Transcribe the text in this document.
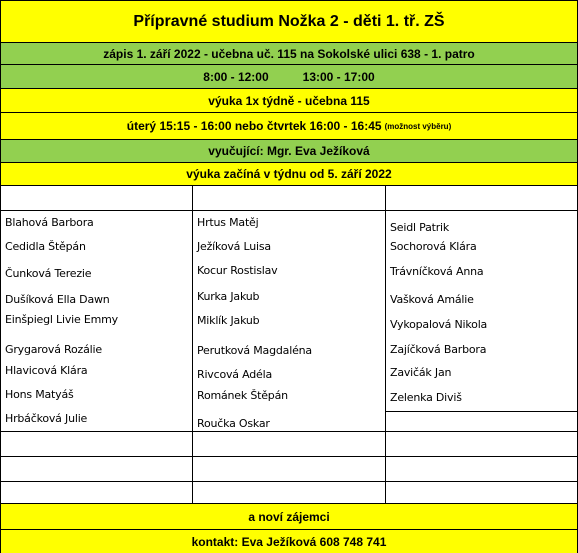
Přípravné studium Nožka 2 - děti 1. tř. ZŠ
zápis 1. září 2022 - učebna uč. 115 na Sokolské ulici 638 - 1. patro
8:00 - 12:00	13:00 - 17:00
výuka 1x týdně - učebna 115
úterý 15:15 - 16:00 nebo čtvrtek 16:00 - 16:45 (možnost výběru)
vyučující: Mgr. Eva Ježíková
výuka začíná v týdnu od 5. září 2022
Blahová Barbora
Cedidla Štěpán
Čunková Terezie
Dušíková Ella Dawn
Einšpiegl Livie Emmy
Grygarová Rozálie
Hlavicová Klára
Hons Matyáš
Hrbáčková Julie
Hrtus Matěj
Ježíková Luisa
Kocur Rostislav
Kurka Jakub
Miklík Jakub
Perutková Magdaléna
Rivcová Adéla
Románek Štěpán
Roučka Oskar
Seidl Patrik
Sochorová Klára
Trávníčková Anna
Vašková Amálie
Vykopalová Nikola
Zajíčková Barbora
Zavičák Jan
Zelenka Diviš
a noví zájemci
kontakt: Eva Ježíková 608 748 741
